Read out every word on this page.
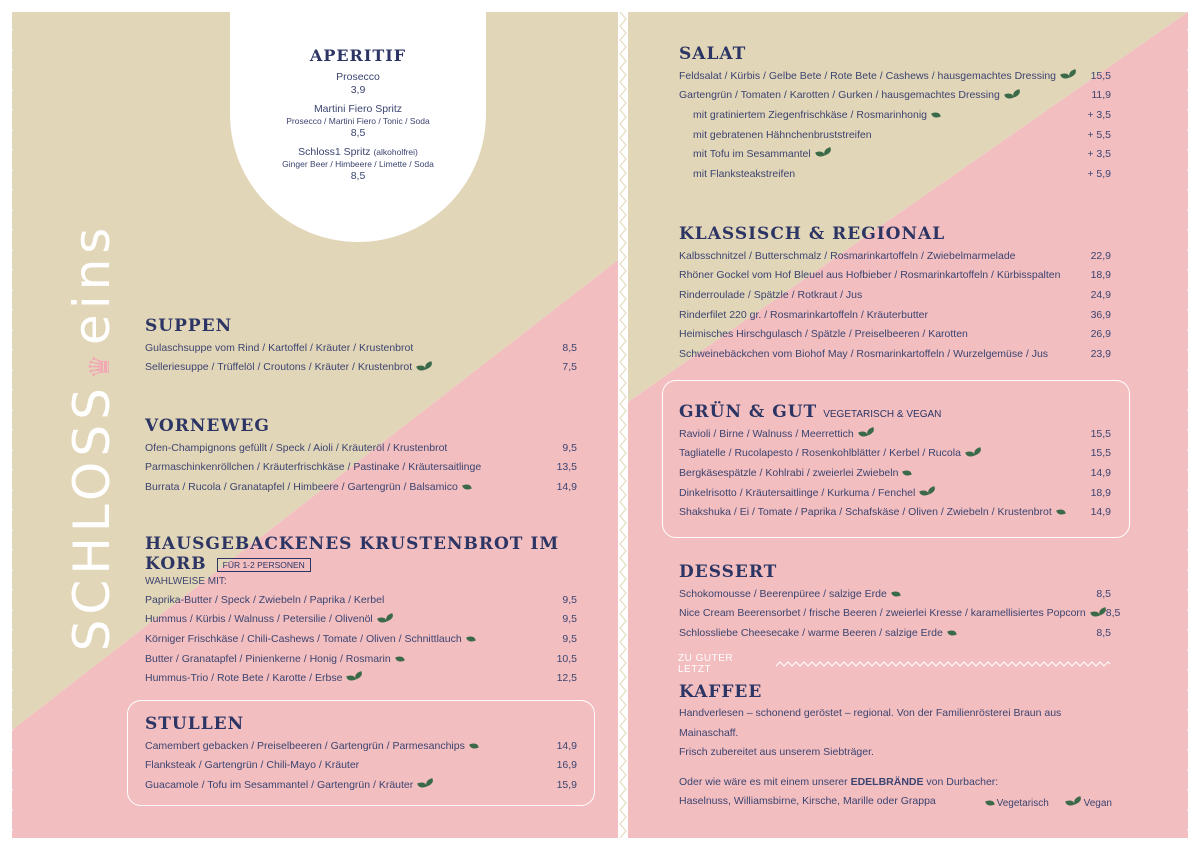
APERITIF
Prosecco
3,9
Martini Fiero Spritz
Prosecco / Martini Fiero / Tonic / Soda
8,5
Schloss1 Spritz (alkoholfrei)
Ginger Beer / Himbeere / Limette / Soda
8,5
SCHLOSS♛eins SUPPEN
Gulaschsuppe vom Rind / Kartoffel / Kräuter / Krustenbrot	8,5
Selleriesuppe / Trüffelöl / Croutons / Kräuter / Krustenbrot	7,5
VORNEWEG
Ofen-Champignons gefüllt / Speck / Aioli / Kräuteröl / Krustenbrot	9,5
Parmaschinkenröllchen / Kräuterfrischkäse / Pastinake / Kräutersaitlinge	13,5
Burrata / Rucola / Granatapfel / Himbeere / Gartengrün / Balsamico	14,9
HAUSGEBACKENES KRUSTENBROT IM KORB FÜR 1-2 PERSONEN
WAHLWEISE MIT:
Paprika-Butter / Speck / Zwiebeln / Paprika / Kerbel	9,5
Hummus / Kürbis / Walnuss / Petersilie / Olivenöl	9,5
Körniger Frischkäse / Chili-Cashews / Tomate / Oliven / Schnittlauch	9,5
Butter / Granatapfel / Pinienkerne / Honig / Rosmarin	10,5
Hummus-Trio / Rote Bete / Karotte / Erbse	12,5
STULLEN
Camembert gebacken / Preiselbeeren / Gartengrün / Parmesanchips	14,9
Flanksteak / Gartengrün / Chili-Mayo / Kräuter	16,9
Guacamole / Tofu im Sesammantel / Gartengrün / Kräuter	15,9
SALAT
Feldsalat / Kürbis / Gelbe Bete / Rote Bete / Cashews / hausgemachtes Dressing	15,5
Gartengrün / Tomaten / Karotten / Gurken / hausgemachtes Dressing	11,9
mit gratiniertem Ziegenfrischkäse / Rosmarinhonig	+ 3,5
mit gebratenen Hähnchenbruststreifen	+ 5,5
mit Tofu im Sesammantel	+ 3,5
mit Flanksteakstreifen	+ 5,9
KLASSISCH & REGIONAL
Kalbsschnitzel / Butterschmalz / Rosmarinkartoffeln / Zwiebelmarmelade	22,9
Rhöner Gockel vom Hof Bleuel aus Hofbieber / Rosmarinkartoffeln / Kürbisspalten	18,9
Rinderroulade / Spätzle / Rotkraut / Jus	24,9
Rinderfilet 220 gr. / Rosmarinkartoffeln / Kräuterbutter	36,9
Heimisches Hirschgulasch / Spätzle / Preiselbeeren / Karotten	26,9
Schweinebäckchen vom Biohof May / Rosmarinkartoffeln / Wurzelgemüse / Jus	23,9
GRÜN & GUT VEGETARISCH & VEGAN
Ravioli / Birne / Walnuss / Meerrettich	15,5
Tagliatelle / Rucolapesto / Rosenkohlblätter / Kerbel / Rucola	15,5
Bergkäsespätzle / Kohlrabi / zweierlei Zwiebeln	14,9
Dinkelrisotto / Kräutersaitlinge / Kurkuma / Fenchel	18,9
Shakshuka / Ei / Tomate / Paprika / Schafskäse / Oliven / Zwiebeln / Krustenbrot	14,9
DESSERT
Schokomousse / Beerenpüree / salzige Erde	8,5
Nice Cream Beerensorbet / frische Beeren / zweierlei Kresse / karamellisiertes Popcorn	8,5
Schlossliebe Cheesecake / warme Beeren / salzige Erde	8,5
ZU GUTER LETZT
KAFFEE
Handverlesen – schonend geröstet – regional. Von der Familienrösterei Braun aus Mainaschaff.
Frisch zubereitet aus unserem Siebträger.
Oder wie wäre es mit einem unserer EDELBRÄNDE von Durbacher:
Haselnuss, Williamsbirne, Kirsche, Marille oder Grappa	Vegetarisch	Vegan
